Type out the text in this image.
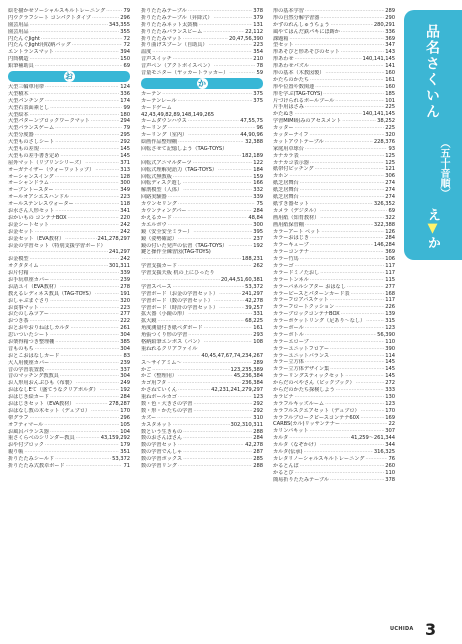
絵を描かせソーシャルスキルトレーニング ·····	79
円ウクラフシート コンパクトタイプ ·····	296
園芸用品 ·····	343,355
園芸用品 ·····	355
円たんぐJight ·····	72
円たんぐJight用収納バッグ ·····	72
エントランスマット ·····	394
円筒構造 ·····	150
鉛筆補助具 ·····	69
お
大型三輪車用帯 ·····	124
大型積木 ·····	336
大型パンチング ·····	174
大型石表面素とし ·····	99
大型絵本 ·····	180
大型パターンブロックワークマット ·····	294
大型バランスゲーム ·····	79
大型分度器 ·····	295
大型ものさしシート ·····	292
大型もの差規 ·····	145
大型もの差手書き定め ·····	145
屋外マット（リブリンシリーズ） ·····	371
オーガナイザー（ウォーワットップ） ·····	313
オーシャンスイング ·····	128
オーシャンドラム ·····	300
オーブントースター ·····	349
オールオアシエスハンドル ·····	223
オールステンレスウォーター ·····	118
お水さん人形セット ·····	341
おかいもの コンテナBOX ·····	220
お金シートセット ·····	242
お金セット ·····	242
お金セット（EVA教材） ·····	241,278,297
お金の学習セット（特別支援学習ボード）
·····
241,297
お金模型 ·····	242
オクタタイム ·····	301,311
お片付箱 ·····	339
お手玩車座カバー ·····	239
お話ユイ（EVA教材） ·····	278
教えるレディネス教具（TAG-TOYS） ·····	191
おしゃぶまぐさり ·····	320
お食事マット ·····	223
おたのしみツアー ·····	277
おつき茶 ·····	222
おとおやおりねはしカルタ ·····	261
思いついたシート ·····	304
お楽得箱つき整理棚 ·····	385
音ものもち ·····	304
おとこおはなしカード ·····	83
大人用便座カバー ·····	239
音の学習装置教 ·····	337
音のマッチング教教具 ·····	304
お人形用おんぶひも（布製） ·····	249
おはなしEて（盛てうなクリアポルダ） ·····	192
おはじき絵カード ·····	284
おはじきセット（EVA教材） ·····	278,287
おはなし教の木セット（デュプロ） ·····	170
帯グラフ ·····	296
オフティマール ·····	105
お風呂バランス器 ·····	104
重さくらべのシリンダー教具 ·····	43,159,292
おや付ブロック ·····	179
親り帳 ·····	351
折りたたみシールド ·····	53,372
折りたたみ式教卓ボード ·····	71
折りたたみテーブル ·····	378
折りたたみテーブル（昇降式） ·····	379
折りたたみネット太鼓橋 ·····	131
折りたたみバランスビーム ·····	22,112
折りたたみマット ·····	20,47,56,390
折り曲げスプーン（自助具） ·····	223
温度 ·····	354
音声スイッチ ·····	210
音声ペン（アクトボイスペン） ·····	78
音量モニター（ヤッカートラッカー） ·····	59
か
カーテン ·····	375
カーテンレール ·····	375
カードゲーム
42,43,49,82,89,148,149,265
カームダウンハウス ·····	47,55,75
カーリング ·····	96
カーリング（室内） ·····	44,90,96
絵画作品整理棚 ·····	32,388
回転させて記憶しよう（TAG-TOYS）
·····
182,189
回転式アニマルダーツ ·····	122
回転式理解発語力（TAG-TOYS） ·····	184
回転式無教板 ·····	159
回転ディスク遊し ·····	166
解剖模型（人体） ·····	332
回路実験器 ·····	339
カウンセリング ·····	75
カウンティングバー ·····	284
かえるカード ·····	48,84
カエルボウ ·····	300
鏡（安全安全ミラー） ·····	395
鏡（姿勢確認） ·····	237
鏡の付いた発声の伝習（TAG-TOYS） ·····	192
鍵と操作全練習図(TAG-TOYS)
·····
188,231
学習支援カード ·····	262
学習支援天板 机の上にひったり
·····
20,44,51,60,381
学習スペース ·····	53,372
学習ボード（お金の学習セット） ·····	241,297
学習ボード（数の学習セット） ·····	42,278
学習ボード（時計の学習セット） ·····	39,257
拡大器（小鏡の形） ·····	331
拡大鏡 ·····	68,225
角度測量付き紙ペダボード ·····	161
角張つくり形の学習 ·····	293
格納鉛筆エンボス（バン） ·····	108
重ねれるクリアファイル
·····
40,45,47,67,74,234,267
ス〜サイアミム〜 ·····	289
かご ·····	123,235,389
かご（整理用） ·····	45,236,384
カゴ用フタ ·····	236,384
かさねていくん ·····	42,231,241,279,297
重ねボールカゴ ·····	123
数・色・大きさの学習 ·····	292
数・形・かたちの学習 ·····	292
カズー ·····	310
カスタネット ·····	302,310,311
数という生きもの ·····	288
数のおさんぽさん ·····	284
数の学習セット ·····	42,278
数の学習でんしゃ ·····	287
数の学習ボックス ·····	285
数の学習リング ·····	288
形の基本学習 ·····	289
形の自然分解学習器 ·····	290
かずのれんしゅうちょう ·····	280,291
風やてはんだ鉄パキにほ鋳か ·····	336
課題箱 ·····	369
型セット ·····	347
形あそびと形あそびのセット ·····	143
形あわせ ·····	140,141,145
形あわせパズル ·····	141
形の基本（木教図製） ·····	160
かたちのかたち ·····	161
形や位置や数関連 ·····	160
形を学ぶ(TAG-TOYS) ·····	185
片づけられるボールプール ·····	101
片手用はさみ ·····	225
かたぬき ·····	140,141,145
学習MIMI組みのアセスメント ·····	38,252
カッター ·····	225
カッターナイフ ·····	320
カットアウトテーブル ·····	228,376
家庭用卓球台 ·····	93
カナカラ表 ·····	125
カナカコ表示器 ·····	125
紙帯付ピッチング ·····	121
カホン ·····	306
紙芝居舞台 ·····	274
紙芝居舞台 ·····	274
紙芝居舞台 ·····	274
紙すき器セット ·····	326,352
カメラ（デジタル） ·····	69
画用紙（知育教材） ·····	322
画用紙保管棚 ·····	322,388
カラーアート ペット ·····	126
カラーおはじき ·····	284
カラーキューブ ·····	146,284
カラーコンテナ ·····	369
カラー竹馬 ·····	106
カラーゴ ·····	117
カラードミノたおし ·····	117
カラートンネル ·····	115
カラーバネルシアター おはなし ·····	277
カラーピースとパターンカード表 ·····	168
カラーフロアバスケット ·····	117
カラーフロートクッション ·····	226
カラーブロックコンテナBOX ·····	139
カラーポケットリング（足あり〜なし） ·····	315
カラーボール ·····	123
カラーボトル ·····	56,390
カラーエローブ ·····	110
カラーユニットフロアー ·····	390
カラーユニットバランス ·····	114
カラー立方体 ·····	145
カラー立方体デザイン集 ·····	145
カラーリングスティックセット ·····	145
からだのべやさん（ピックブック） ·····	272
からだのかたち探検しよう ·····	333
カラビナ ·····	130
カラフルキッズルーム ·····	123
カラフルスクエアセット（デュプロ） ·····	170
カラフルブロークピースコンテナ60X ·····	169
CARBS(カル)リッサンテナー ·····	22
カリンバキット ·····	307
カルタ ·····	41,259〜261,344
カルタ（なぞかけ） ·····	344
カルタ(伝承) ·····	316,325
カレタリノーシャルスキルトレーニング ·····	76
かるとんぼ ·····	260
かるとび ·····	110
簡易折りたたみテーブル ·····	378
品名さくいん
（五十音順）
え▼か
UCHIDA 3
